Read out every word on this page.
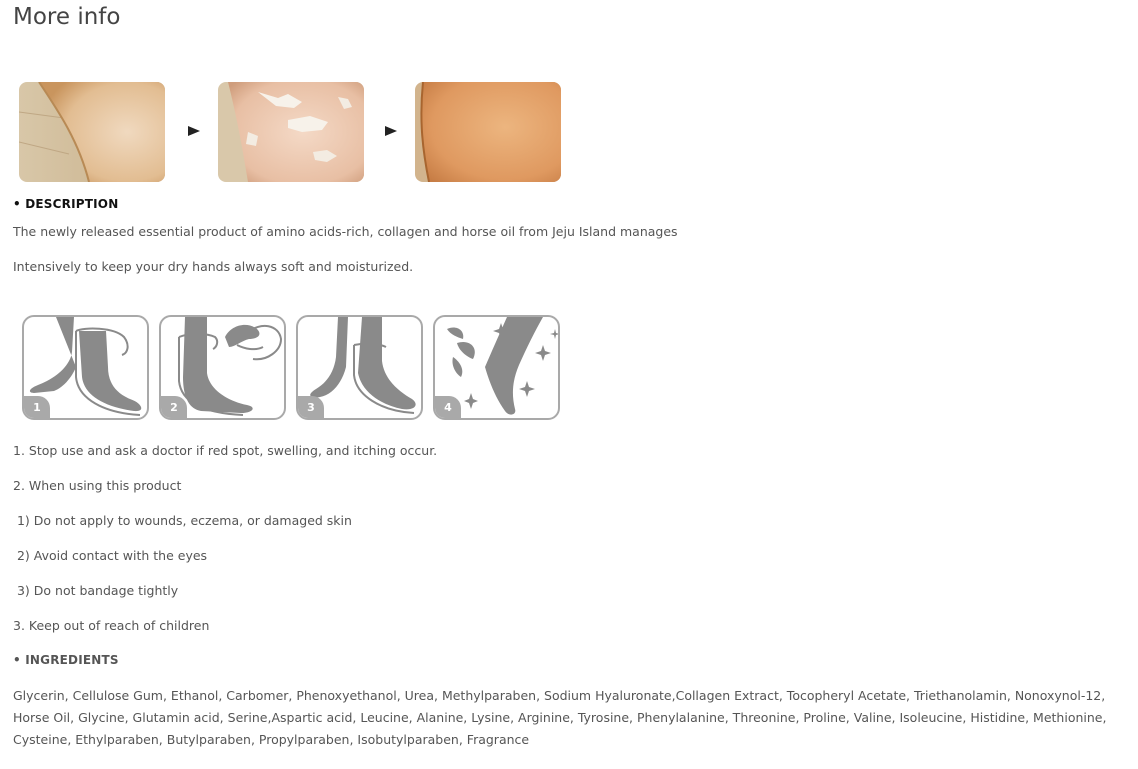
More info
• DESCRIPTION
The newly released essential product of amino acids-rich, collagen and horse oil from Jeju Island manages
Intensively to keep your dry hands always soft and moisturized.
1	2	3	4
1. Stop use and ask a doctor if red spot, swelling, and itching occur.
2. When using this product
1) Do not apply to wounds, eczema, or damaged skin
2) Avoid contact with the eyes
3) Do not bandage tightly
3. Keep out of reach of children
• INGREDIENTS
Glycerin, Cellulose Gum, Ethanol, Carbomer, Phenoxyethanol, Urea, Methylparaben, Sodium Hyaluronate,Collagen Extract, Tocopheryl Acetate, Triethanolamin, Nonoxynol-12, Horse Oil, Glycine, Glutamin acid, Serine,Aspartic acid, Leucine, Alanine, Lysine, Arginine, Tyrosine, Phenylalanine, Threonine, Proline, Valine, Isoleucine, Histidine, Methionine, Cysteine, Ethylparaben, Butylparaben, Propylparaben, Isobutylparaben, Fragrance
